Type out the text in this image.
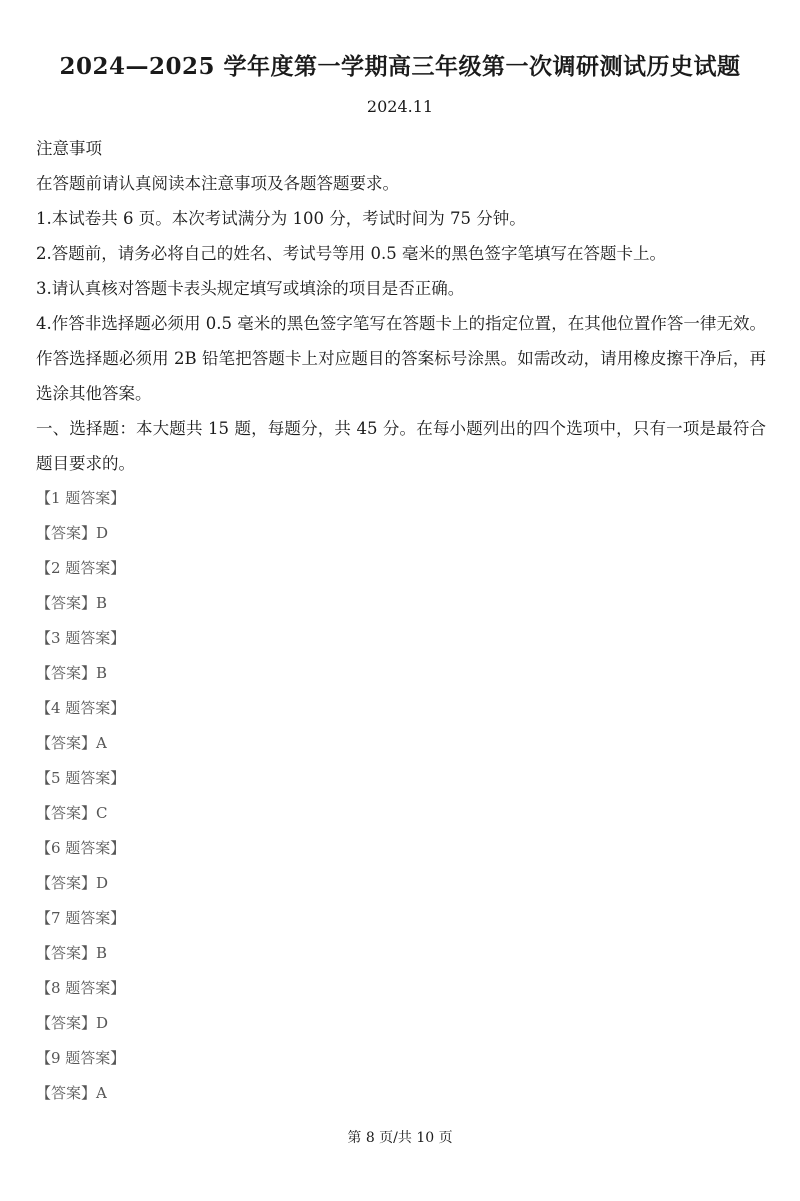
2024—2025 学年度第一学期高三年级第一次调研测试历史试题
2024.11
注意事项
在答题前请认真阅读本注意事项及各题答题要求。
1.本试卷共 6 页。本次考试满分为 100 分，考试时间为 75 分钟。
2.答题前，请务必将自己的姓名、考试号等用 0.5 毫米的黑色签字笔填写在答题卡上。
3.请认真核对答题卡表头规定填写或填涂的项目是否正确。
4.作答非选择题必须用 0.5 毫米的黑色签字笔写在答题卡上的指定位置，在其他位置作答一律无效。作答选择题必须用 2B 铅笔把答题卡上对应题目的答案标号涂黑。如需改动，请用橡皮擦干净后，再选涂其他答案。
一、选择题：本大题共 15 题，每题分，共 45 分。在每小题列出的四个选项中，只有一项是最符合题目要求的。
【1 题答案】
【答案】D
【2 题答案】
【答案】B
【3 题答案】
【答案】B
【4 题答案】
【答案】A
【5 题答案】
【答案】C
【6 题答案】
【答案】D
【7 题答案】
【答案】B
【8 题答案】
【答案】D
【9 题答案】
【答案】A
第 8 页/共 10 页
